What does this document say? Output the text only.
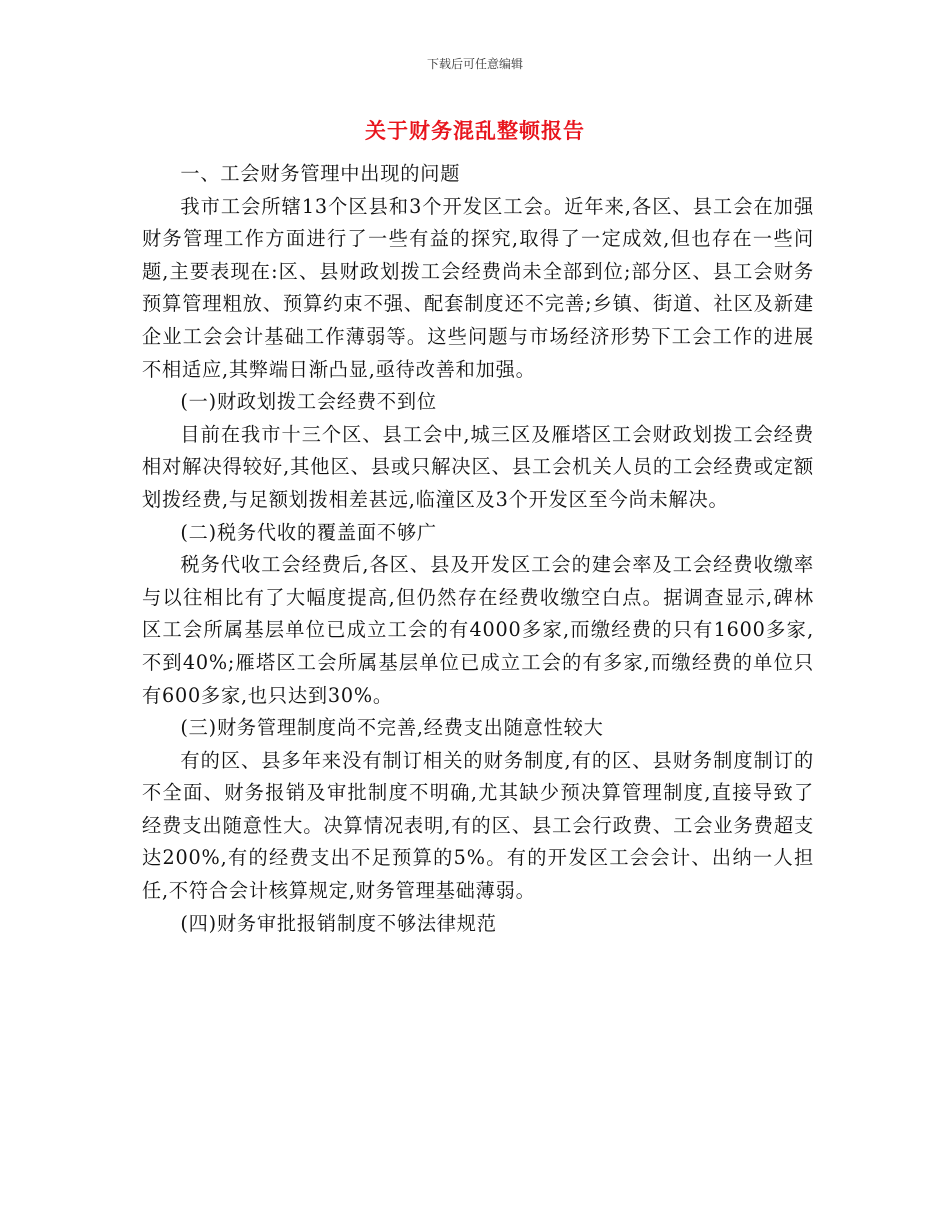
下载后可任意编辑
关于财务混乱整顿报告

一、工会财务管理中出现的问题

我市工会所辖13个区县和3个开发区工会。近年来,各区、县工会在加强财务管理工作方面进行了一些有益的探究,取得了一定成效,但也存在一些问题,主要表现在:区、县财政划拨工会经费尚未全部到位;部分区、县工会财务预算管理粗放、预算约束不强、配套制度还不完善;乡镇、街道、社区及新建企业工会会计基础工作薄弱等。这些问题与市场经济形势下工会工作的进展不相适应,其弊端日渐凸显,亟待改善和加强。

(一)财政划拨工会经费不到位

目前在我市十三个区、县工会中,城三区及雁塔区工会财政划拨工会经费相对解决得较好,其他区、县或只解决区、县工会机关人员的工会经费或定额划拨经费,与足额划拨相差甚远,临潼区及3个开发区至今尚未解决。

(二)税务代收的覆盖面不够广

税务代收工会经费后,各区、县及开发区工会的建会率及工会经费收缴率与以往相比有了大幅度提高,但仍然存在经费收缴空白点。据调查显示,碑林区工会所属基层单位已成立工会的有4000多家,而缴经费的只有1600多家,不到40%;雁塔区工会所属基层单位已成立工会的有多家,而缴经费的单位只有600多家,也只达到30%。

(三)财务管理制度尚不完善,经费支出随意性较大

有的区、县多年来没有制订相关的财务制度,有的区、县财务制度制订的不全面、财务报销及审批制度不明确,尤其缺少预决算管理制度,直接导致了经费支出随意性大。决算情况表明,有的区、县工会行政费、工会业务费超支达200%,有的经费支出不足预算的5%。有的开发区工会会计、出纳一人担任,不符合会计核算规定,财务管理基础薄弱。

(四)财务审批报销制度不够法律规范
